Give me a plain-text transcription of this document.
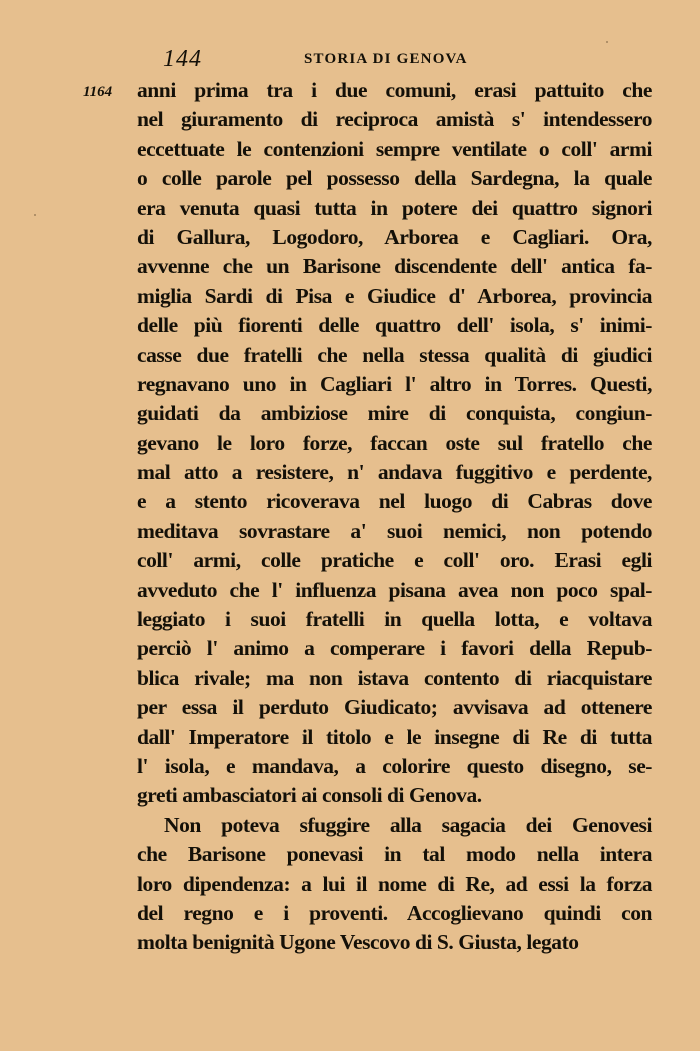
144	STORIA DI GENOVA
1164 anni prima tra i due comuni, erasi pattuito che
nel giuramento di reciproca amistà s' intendessero
eccettuate le contenzioni sempre ventilate o coll' armi
o colle parole pel possesso della Sardegna, la quale
era venuta quasi tutta in potere dei quattro signori
di Gallura, Logodoro, Arborea e Cagliari. Ora,
avvenne che un Barisone discendente dell' antica fa-
miglia Sardi di Pisa e Giudice d' Arborea, provincia
delle più fiorenti delle quattro dell' isola, s' inimi-
casse due fratelli che nella stessa qualità di giudici
regnavano uno in Cagliari l' altro in Torres. Questi,
guidati da ambiziose mire di conquista, congiun-
gevano le loro forze, faccan oste sul fratello che
mal atto a resistere, n' andava fuggitivo e perdente,
e a stento ricoverava nel luogo di Cabras dove
meditava sovrastare a' suoi nemici, non potendo
coll' armi, colle pratiche e coll' oro. Erasi egli
avveduto che l' influenza pisana avea non poco spal-
leggiato i suoi fratelli in quella lotta, e voltava
perciò l' animo a comperare i favori della Repub-
blica rivale; ma non istava contento di riacquistare
per essa il perduto Giudicato; avvisava ad ottenere
dall' Imperatore il titolo e le insegne di Re di tutta
l' isola, e mandava, a colorire questo disegno, se-
greti ambasciatori ai consoli di Genova.
Non poteva sfuggire alla sagacia dei Genovesi
che Barisone ponevasi in tal modo nella intera
loro dipendenza: a lui il nome di Re, ad essi la forza
del regno e i proventi. Accoglievano quindi con
molta benignità Ugone Vescovo di S. Giusta, legato
